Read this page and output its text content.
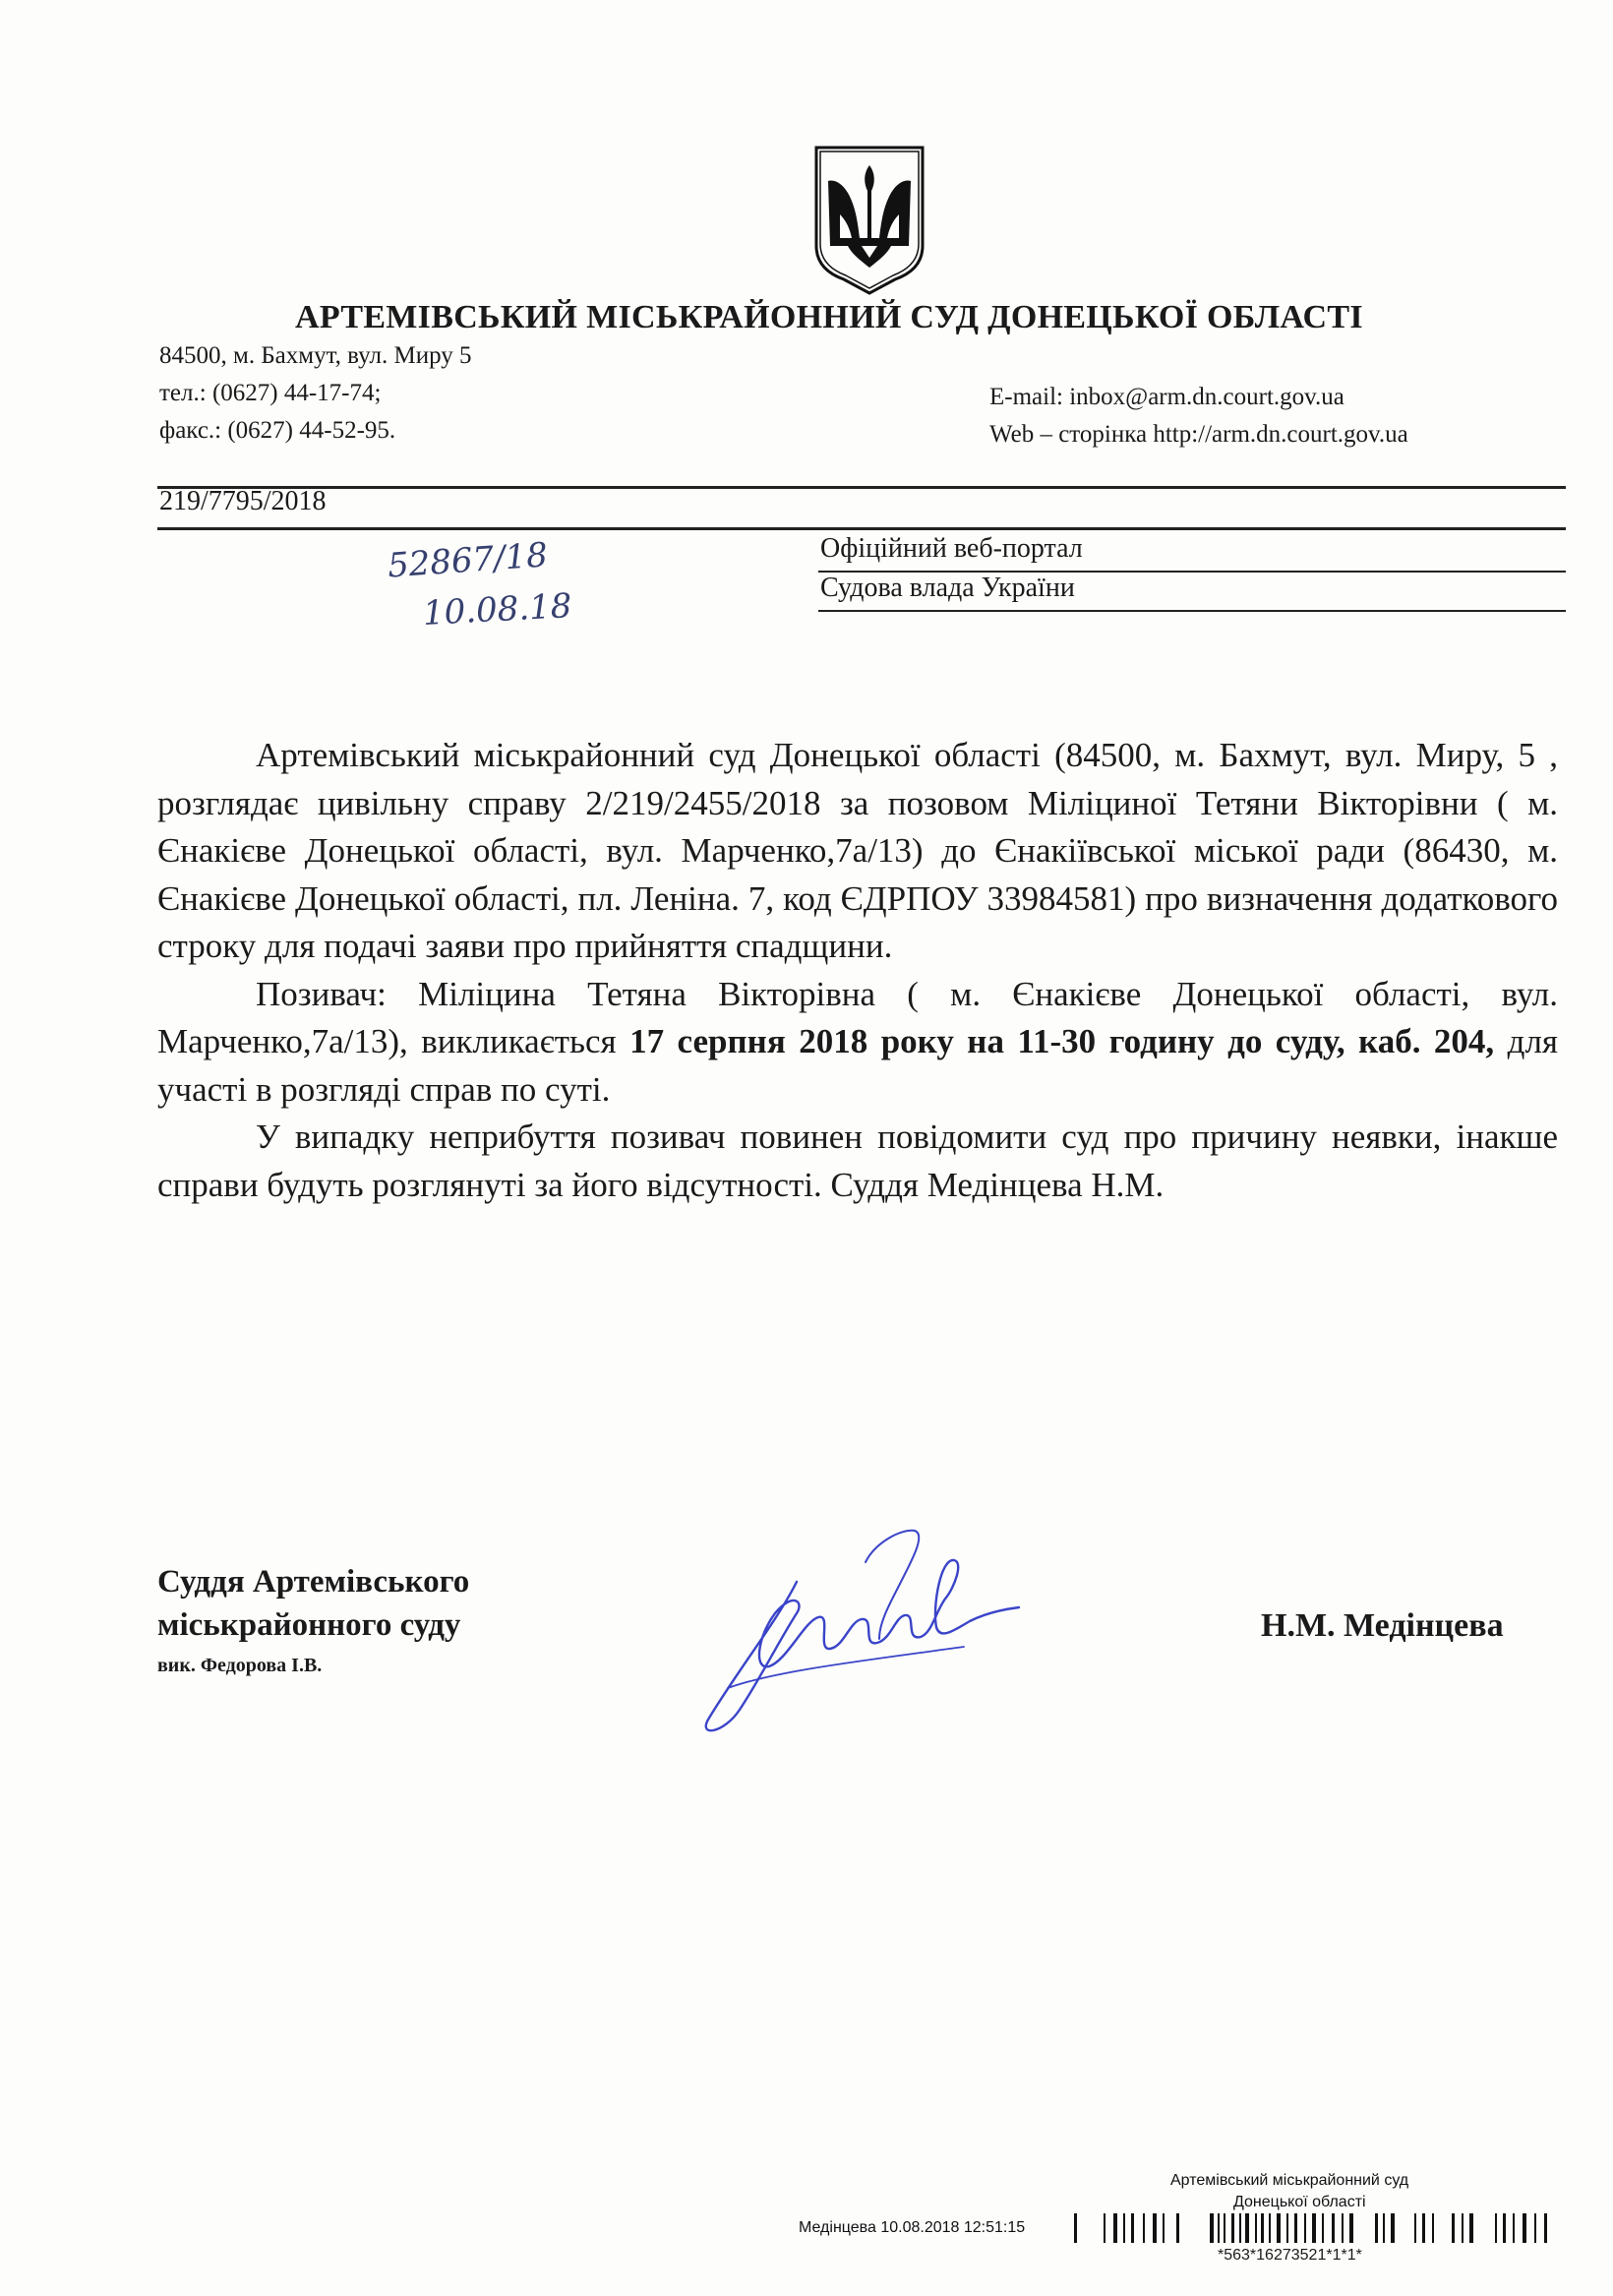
АРТЕМІВСЬКИЙ МІСЬКРАЙОННИЙ СУД ДОНЕЦЬКОЇ ОБЛАСТІ
84500, м. Бахмут, вул. Миру 5
тел.: (0627) 44-17-74;
факс.: (0627) 44-52-95.
E-mail: inbox@arm.dn.court.gov.ua
Web – сторінка http://arm.dn.court.gov.ua
219/7795/2018
52867/18
10.08.18
Офіційний веб-портал
Судова влада України

Артемівський міськрайонний суд Донецької області (84500, м. Бахмут, вул. Миру, 5 , розглядає цивільну справу 2/219/2455/2018 за позовом Міліциної Тетяни Вікторівни ( м. Єнакієве Донецької області, вул. Марченко,7а/13) до Єнакіївської міської ради (86430, м. Єнакієве Донецької області, пл. Леніна. 7, код ЄДРПОУ 33984581) про визначення додаткового строку для подачі заяви про прийняття спадщини.

Позивач: Міліцина Тетяна Вікторівна ( м. Єнакієве Донецької області, вул. Марченко,7а/13), викликається 17 серпня 2018 року на 11-30 годину до суду, каб. 204, для участі в розгляді справ по суті.

У випадку неприбуття позивач повинен повідомити суд про причину неявки, інакше справи будуть розглянуті за його відсутності. Суддя Медінцева Н.М.

Суддя Артемівського
міськрайонного суду
вик. Федорова І.В.
Н.М. Медінцева
Артемівський міськрайонний суд
Донецької області
Медінцева 10.08.2018 12:51:15
*563*16273521*1*1*
